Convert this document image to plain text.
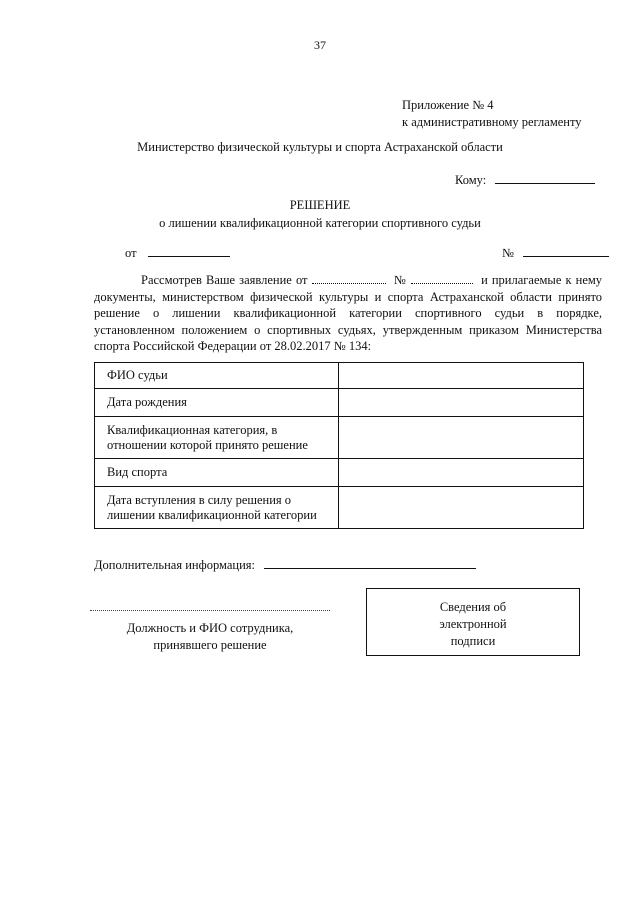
37
Приложение № 4
к административному регламенту
Министерство физической культуры и спорта Астраханской области
Кому:
РЕШЕНИЕ
о лишении квалификационной категории спортивного судьи
от	№
Рассмотрев Ваше заявление от	№	и прилагаемые к нему документы, министерством физической культуры и спорта Астраханской области принято решение о лишении квалификационной категории спортивного судьи в порядке, установленном положением о спортивных судьях, утвержденным приказом Министерства спорта Российской Федерации от 28.02.2017 № 134:
ФИО судьи	
Дата рождения	
Квалификационная категория, в отношении которой принято решение	
Вид спорта	
Дата вступления в силу решения о лишении квалификационной категории	
Дополнительная информация:
Должность и ФИО сотрудника,
принявшего решение
Сведения об
электронной
подписи
